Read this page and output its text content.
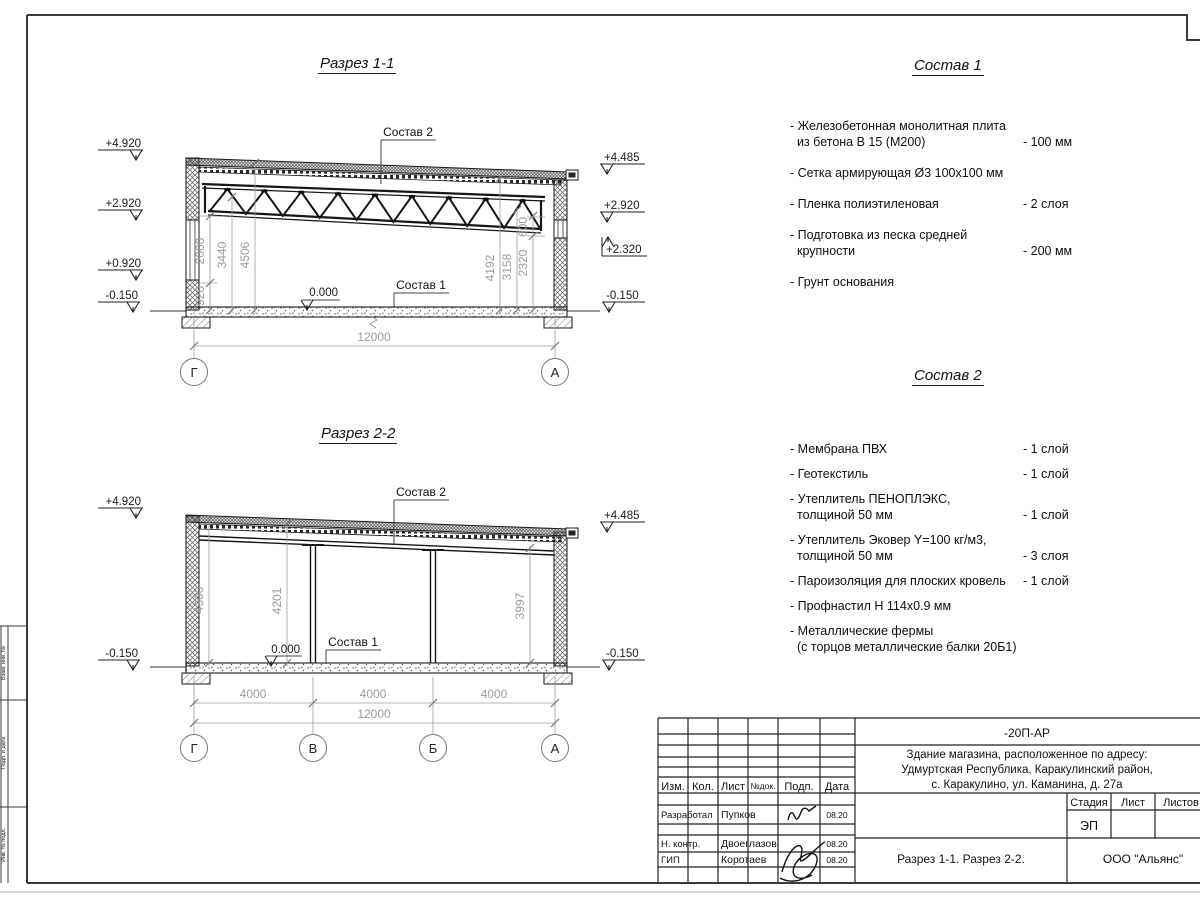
Взам. инв. №
Подп. и дата
Инв. № подл.
920
2000 3440 4506	4192 3158 2320
600
12000
+4.920
+2.920
+0.920
-0.150
+4.485
+2.920
+2.320
-0.150
Состав 2
Состав 1
0.000
Г	А
4300	4201	3997
4000	4000	4000
12000
+4.920
-0.150
+4.485
-0.150
Состав 2
Состав 1
0.000
Г	В	Б	А
Изм. Кол. Лист №док. Подп. Дата
Разработал Пупков	08.20
Н. контр. Двоеглазов	08.20
ГИП	Коротаев	08.20
-20П-АР
Здание магазина, расположенное по адресу:
Удмуртская Республика, Каракулинский район,
с. Каракулино, ул. Каманина, д. 27а
Стадия Лист Листов
ЭП
Разрез 1-1. Разрез 2-2.	ООО "Альянс"
Разрез 1-1
Разрез 2-2
Состав 1
Состав 2
- Железобетонная монолитная плита
из бетона В 15 (М200)	- 100 мм
- Сетка армирующая Ø3 100x100 мм
- Пленка полиэтиленовая	- 2 слоя
- Подготовка из песка средней
крупности	- 200 мм
- Грунт основания
- Мембрана ПВХ	- 1 слой
- Геотекстиль	- 1 слой
- Утеплитель ПЕНОПЛЭКС,
толщиной 50 мм	- 1 слой
- Утеплитель Эковер Y=100 кг/м3,
толщиной 50 мм	- 3 слоя
- Пароизоляция для плоских кровель	- 1 слой
- Профнастил Н 114x0.9 мм
- Металлические фермы
(с торцов металлические балки 20Б1)
